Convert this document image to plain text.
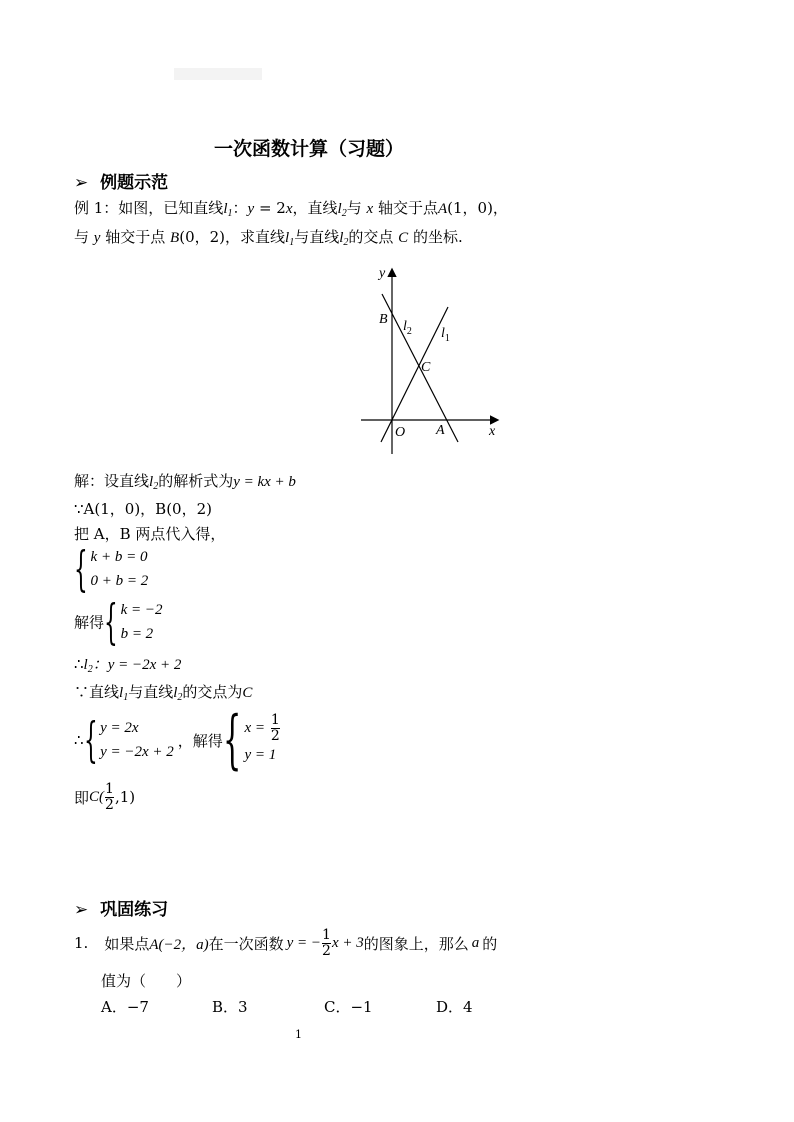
一次函数计算（习题）
➢ 例题示范
例 1：如图，已知直线$l_1$：y = 2x，直线$l_2$与 x 轴交于点A(1，0)，
与 y 轴交于点 B(0，2)，求直线$l_1$与直线$l_2$的交点 C 的坐标.
y
x
B $l_2$ $l_1$
C
O A
解：设直线$l_2$的解析式为y = kx + b
∵A(1，0)，B(0，2)
把 A，B 两点代入得，
{ k + b = 0
0 + b = 2
解得{ k = −2
b = 2
$\therefore l_2$：y = −2x + 2
∵直线$l_1$与直线$l_2$的交点为C
∴ { y = 2x
y = −2x + 2
，解得 { x =
$\frac{1}{2}$
y = 1
即 $C( \frac{1}{2} ,1)$
➢ 巩固练习
1. 如果点 A(−2，a) 在一次函数 y = − $\frac{1}{2}$ x + 3 的图象上，那么 a 的
值为（　　）
A．−7	B．3	C．−1	D．4
1
